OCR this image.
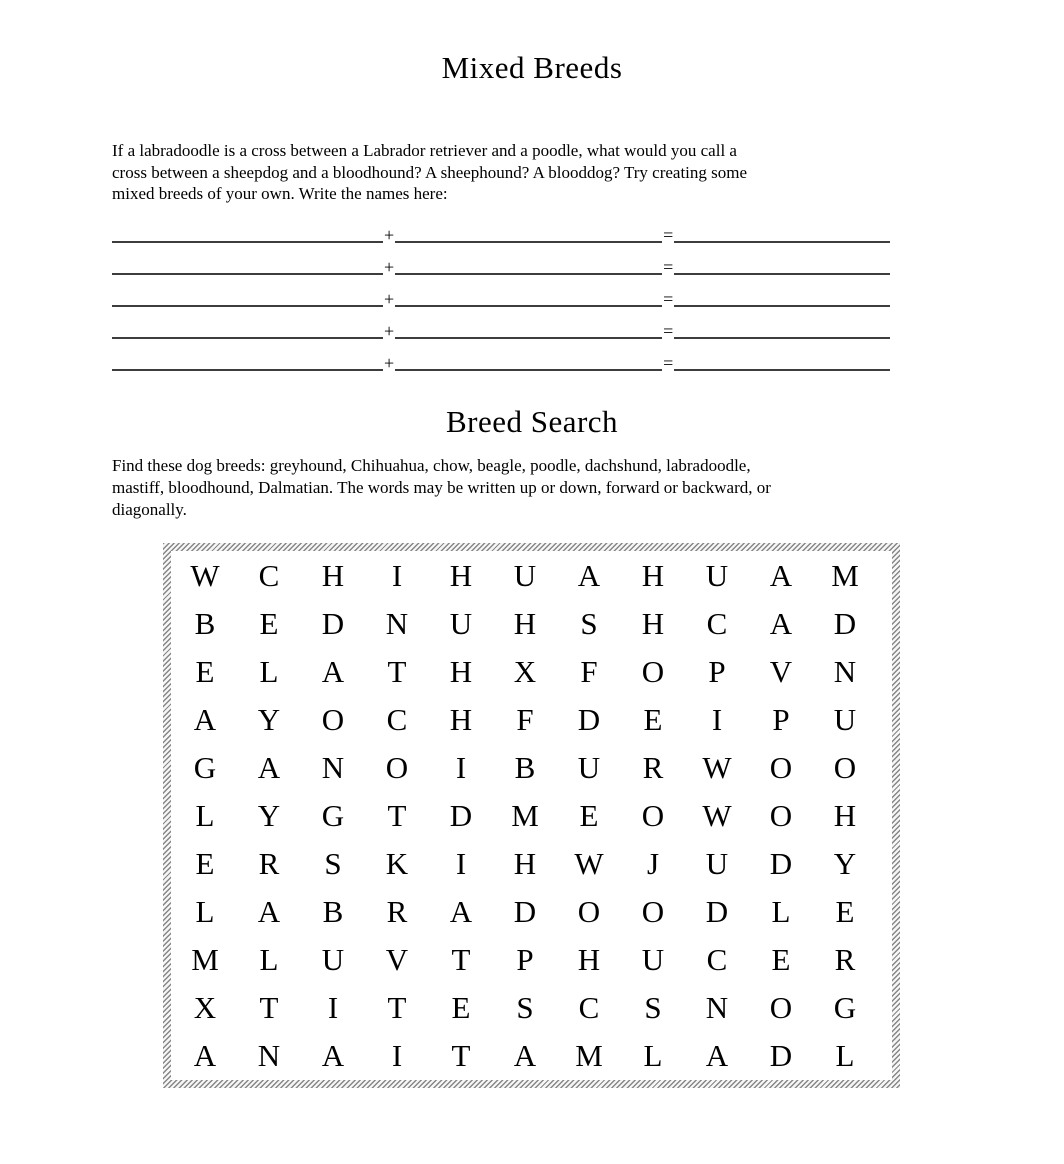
Mixed Breeds
If a labradoodle is a cross between a Labrador retriever and a poodle, what would you call a
cross between a sheepdog and a bloodhound? A sheephound? A blooddog? Try creating some
mixed breeds of your own. Write the names here:
+	=
+	=
+	=
+	=
+	=
Breed Search
Find these dog breeds: greyhound, Chihuahua, chow, beagle, poodle, dachshund, labradoodle,
mastiff, bloodhound, Dalmatian. The words may be written up or down, forward or backward, or
diagonally.
W	C	H	I	H	U	A	H	U	A	M
B	E	D	N	U	H	S	H	C	A	D
E	L	A	T	H	X	F	O	P	V	N
A	Y	O	C	H	F	D	E	I	P	U
G	A	N	O	I	B	U	R	W	O	O
L	Y	G	T	D	M	E	O	W	O	H
E	R	S	K	I	H	W	J	U	D	Y
L	A	B	R	A	D	O	O	D	L	E
M	L	U	V	T	P	H	U	C	E	R
X	T	I	T	E	S	C	S	N	O	G
A	N	A	I	T	A	M	L	A	D	L
